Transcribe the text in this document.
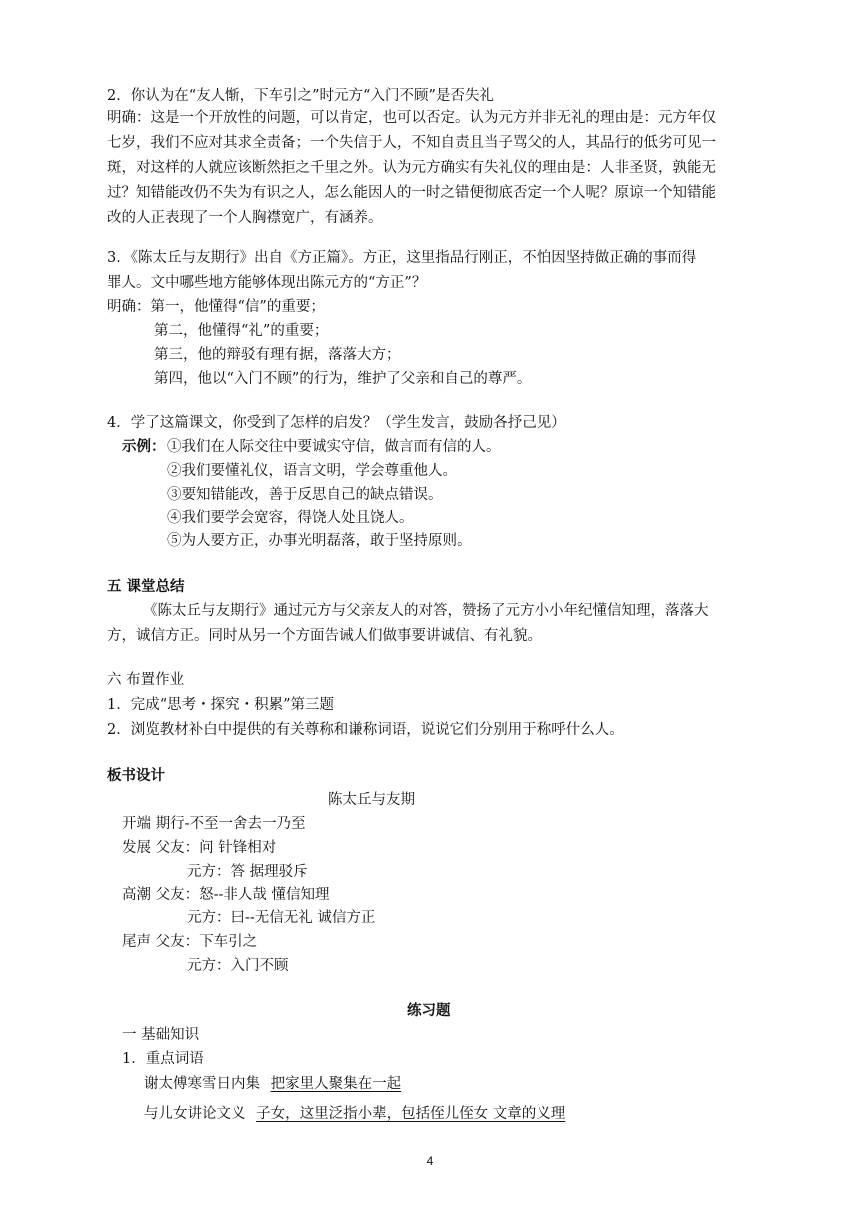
2．你认为在“友人惭，下车引之”时元方“入门不顾”是否失礼
明确：这是一个开放性的问题，可以肯定，也可以否定。认为元方并非无礼的理由是：元方年仅
七岁，我们不应对其求全责备；一个失信于人，不知自责且当子骂父的人，其品行的低劣可见一
斑，对这样的人就应该断然拒之千里之外。认为元方确实有失礼仪的理由是：人非圣贤，孰能无
过？知错能改仍不失为有识之人，怎么能因人的一时之错便彻底否定一个人呢？原谅一个知错能
改的人正表现了一个人胸襟宽广，有涵养。
3．《陈太丘与友期行》出自《方正篇》。方正，这里指品行刚正，不怕因坚持做正确的事而得
罪人。文中哪些地方能够体现出陈元方的“方正”？
明确：第一，他懂得“信”的重要；
第二，他懂得“礼”的重要；
第三，他的辩驳有理有据，落落大方；
第四，他以“入门不顾”的行为，维护了父亲和自己的尊严。
4．学了这篇课文，你受到了怎样的启发？（学生发言，鼓励各抒己见）
示例： ①我们在人际交往中要诚实守信，做言而有信的人。
②我们要懂礼仪，语言文明，学会尊重他人。
③要知错能改，善于反思自己的缺点错误。
④我们要学会宽容，得饶人处且饶人。
⑤为人要方正，办事光明磊落，敢于坚持原则。
五 课堂总结
《陈太丘与友期行》通过元方与父亲友人的对答，赞扬了元方小小年纪懂信知理，落落大
方，诚信方正。同时从另一个方面告诫人们做事要讲诚信、有礼貌。
六 布置作业
1．完成“思考・探究・积累”第三题
2．浏览教材补白中提供的有关尊称和谦称词语，说说它们分别用于称呼什么人。
板书设计
陈太丘与友期
开端 期行-不至一舍去一乃至
发展 父友：问 针锋相对
元方：答 据理驳斥
高潮 父友：怒--非人哉 懂信知理
元方：曰--无信无礼 诚信方正
尾声 父友：下车引之
元方：入门不顾
练习题
一 基础知识
1．重点词语
谢太傅寒雪日内集 把家里人聚集在一起
与儿女讲论文义 子女，这里泛指小辈，包括侄儿侄女 文章的义理
4
